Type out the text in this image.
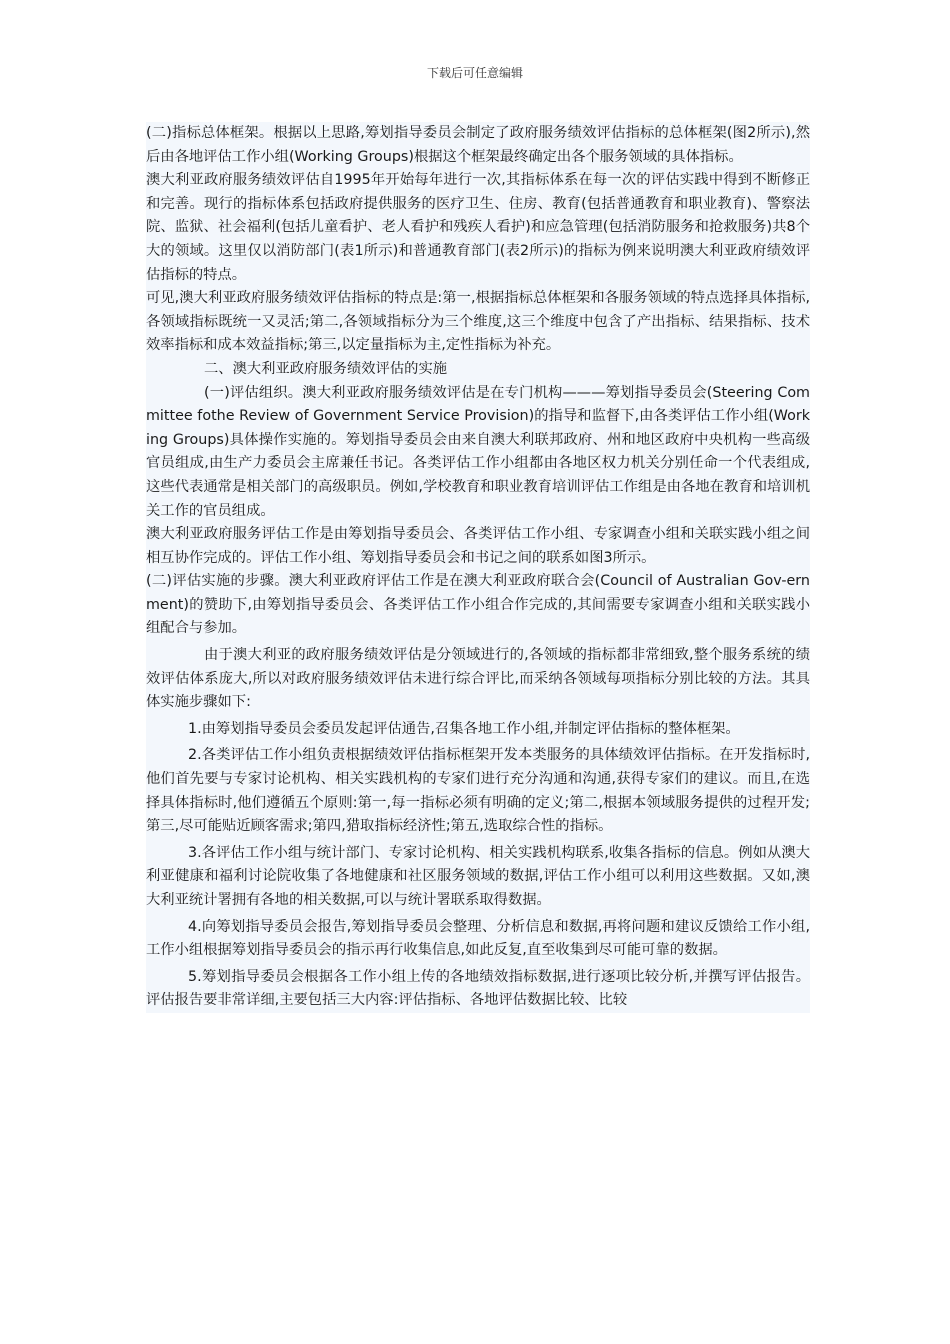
下载后可任意编辑

(二)指标总体框架。根据以上思路,筹划指导委员会制定了政府服务绩效评估指标的总体框架(图2所示),然后由各地评估工作小组(Working Groups)根据这个框架最终确定出各个服务领域的具体指标。

澳大利亚政府服务绩效评估自1995年开始每年进行一次,其指标体系在每一次的评估实践中得到不断修正和完善。现行的指标体系包括政府提供服务的医疗卫生、住房、教育(包括普通教育和职业教育)、警察法院、监狱、社会福利(包括儿童看护、老人看护和残疾人看护)和应急管理(包括消防服务和抢救服务)共8个大的领域。这里仅以消防部门(表1所示)和普通教育部门(表2所示)的指标为例来说明澳大利亚政府绩效评估指标的特点。

可见,澳大利亚政府服务绩效评估指标的特点是:第一,根据指标总体框架和各服务领域的特点选择具体指标,各领域指标既统一又灵活;第二,各领域指标分为三个维度,这三个维度中包含了产出指标、结果指标、技术效率指标和成本效益指标;第三,以定量指标为主,定性指标为补充。

二、澳大利亚政府服务绩效评估的实施

(一)评估组织。澳大利亚政府服务绩效评估是在专门机构———筹划指导委员会(Steering Committee fothe Review of Government Service Provision)的指导和监督下,由各类评估工作小组(Working Groups)具体操作实施的。筹划指导委员会由来自澳大利联邦政府、州和地区政府中央机构一些高级官员组成,由生产力委员会主席兼任书记。各类评估工作小组都由各地区权力机关分别任命一个代表组成,这些代表通常是相关部门的高级职员。例如,学校教育和职业教育培训评估工作组是由各地在教育和培训机关工作的官员组成。

澳大利亚政府服务评估工作是由筹划指导委员会、各类评估工作小组、专家调查小组和关联实践小组之间相互协作完成的。评估工作小组、筹划指导委员会和书记之间的联系如图3所示。

(二)评估实施的步骤。澳大利亚政府评估工作是在澳大利亚政府联合会(Council of Australian Gov-ernment)的赞助下,由筹划指导委员会、各类评估工作小组合作完成的,其间需要专家调查小组和关联实践小组配合与参加。

由于澳大利亚的政府服务绩效评估是分领域进行的,各领域的指标都非常细致,整个服务系统的绩效评估体系庞大,所以对政府服务绩效评估未进行综合评比,而采纳各领域每项指标分别比较的方法。其具体实施步骤如下:

1.由筹划指导委员会委员发起评估通告,召集各地工作小组,并制定评估指标的整体框架。

2.各类评估工作小组负责根据绩效评估指标框架开发本类服务的具体绩效评估指标。在开发指标时,他们首先要与专家讨论机构、相关实践机构的专家们进行充分沟通和沟通,获得专家们的建议。而且,在选择具体指标时,他们遵循五个原则:第一,每一指标必须有明确的定义;第二,根据本领域服务提供的过程开发;第三,尽可能贴近顾客需求;第四,猎取指标经济性;第五,选取综合性的指标。

3.各评估工作小组与统计部门、专家讨论机构、相关实践机构联系,收集各指标的信息。例如从澳大利亚健康和福利讨论院收集了各地健康和社区服务领域的数据,评估工作小组可以利用这些数据。又如,澳大利亚统计署拥有各地的相关数据,可以与统计署联系取得数据。

4.向筹划指导委员会报告,筹划指导委员会整理、分析信息和数据,再将问题和建议反馈给工作小组,工作小组根据筹划指导委员会的指示再行收集信息,如此反复,直至收集到尽可能可靠的数据。

5.筹划指导委员会根据各工作小组上传的各地绩效指标数据,进行逐项比较分析,并撰写评估报告。评估报告要非常详细,主要包括三大内容:评估指标、各地评估数据比较、比较
